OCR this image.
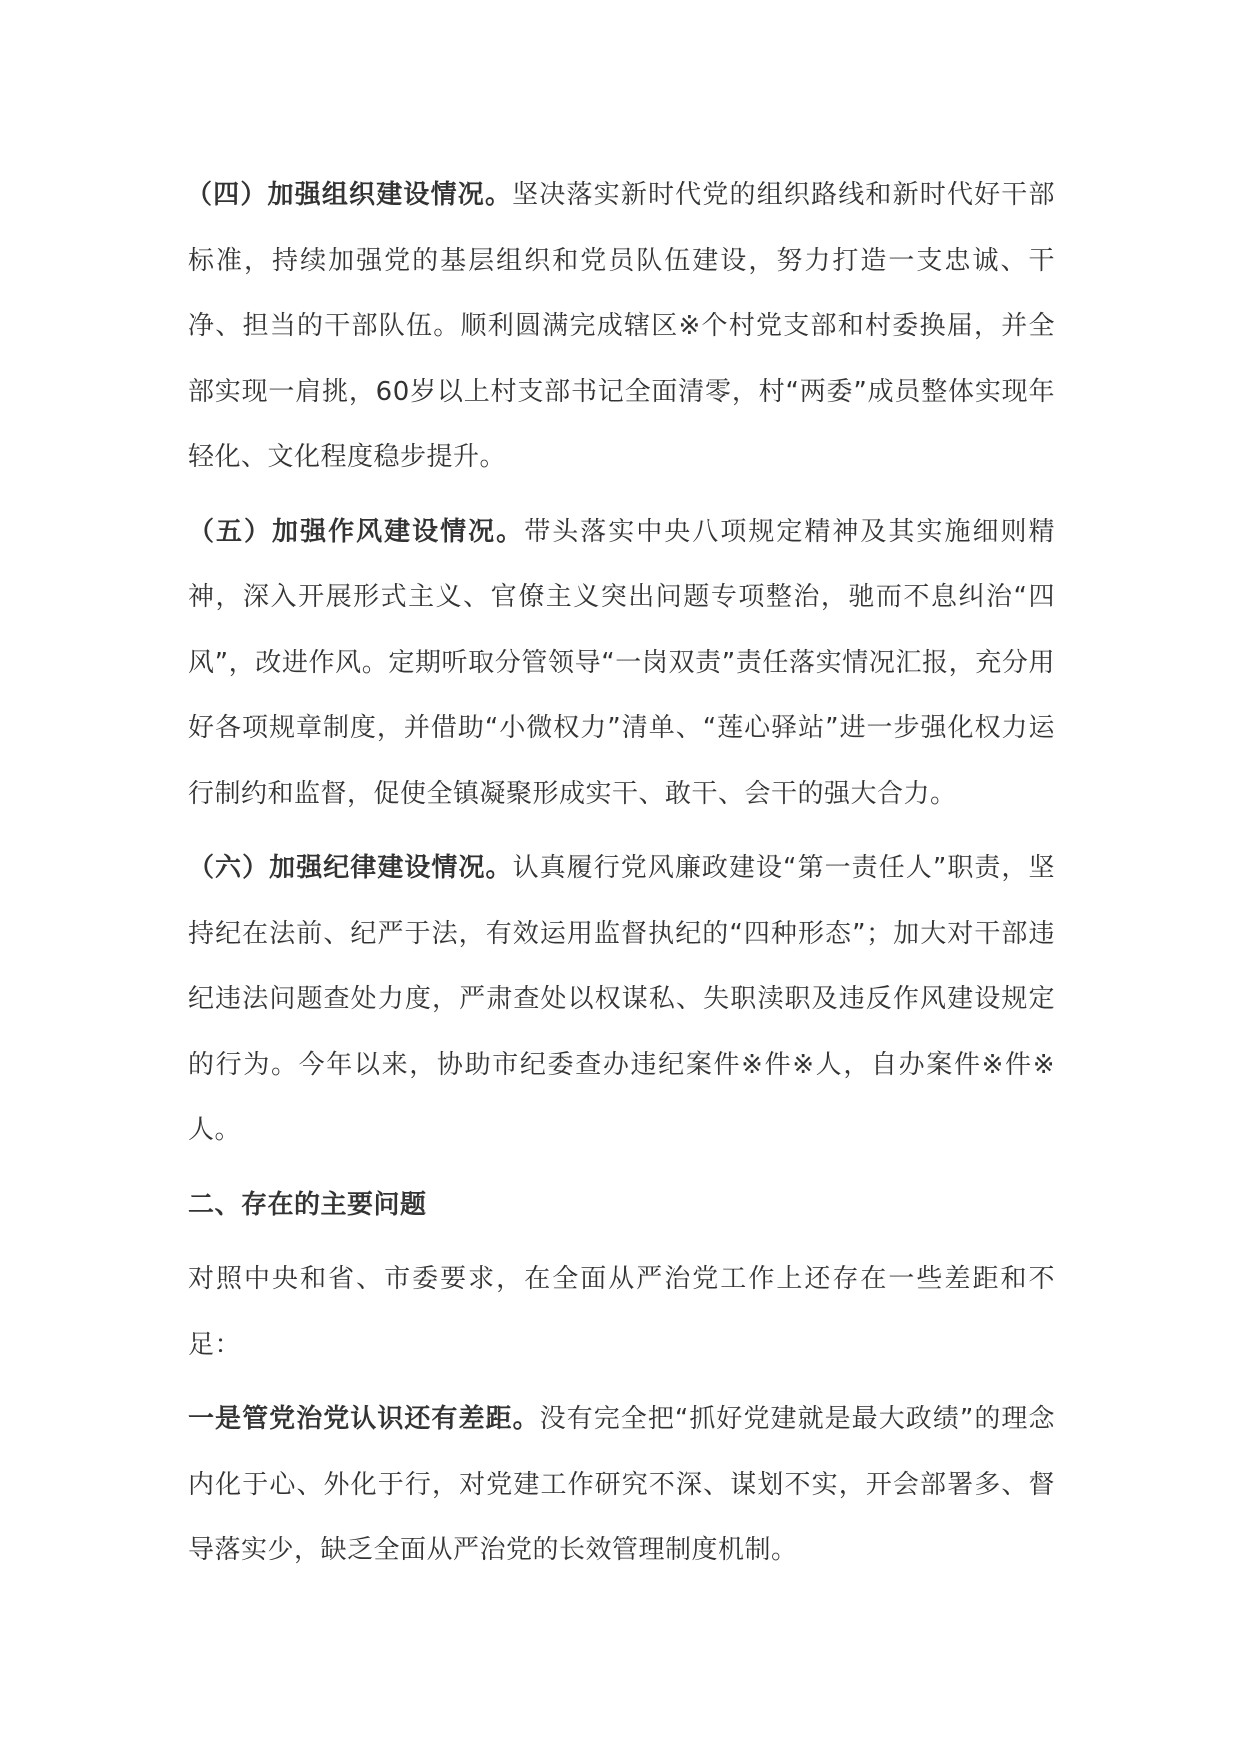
（四）加强组织建设情况。坚决落实新时代党的组织路线和新时代好干部标准，持续加强党的基层组织和党员队伍建设，努力打造一支忠诚、干净、担当的干部队伍。顺利圆满完成辖区※个村党支部和村委换届，并全部实现一肩挑，60岁以上村支部书记全面清零，村“两委”成员整体实现年轻化、文化程度稳步提升。

（五）加强作风建设情况。带头落实中央八项规定精神及其实施细则精神，深入开展形式主义、官僚主义突出问题专项整治，驰而不息纠治“四风”，改进作风。定期听取分管领导“一岗双责”责任落实情况汇报，充分用好各项规章制度，并借助“小微权力”清单、“莲心驿站”进一步强化权力运行制约和监督，促使全镇凝聚形成实干、敢干、会干的强大合力。

（六）加强纪律建设情况。认真履行党风廉政建设“第一责任人”职责，坚持纪在法前、纪严于法，有效运用监督执纪的“四种形态”；加大对干部违纪违法问题查处力度，严肃查处以权谋私、失职渎职及违反作风建设规定的行为。今年以来，协助市纪委查办违纪案件※件※人，自办案件※件※人。

二、存在的主要问题

对照中央和省、市委要求，在全面从严治党工作上还存在一些差距和不足：

一是管党治党认识还有差距。没有完全把“抓好党建就是最大政绩”的理念内化于心、外化于行，对党建工作研究不深、谋划不实，开会部署多、督导落实少，缺乏全面从严治党的长效管理制度机制。
